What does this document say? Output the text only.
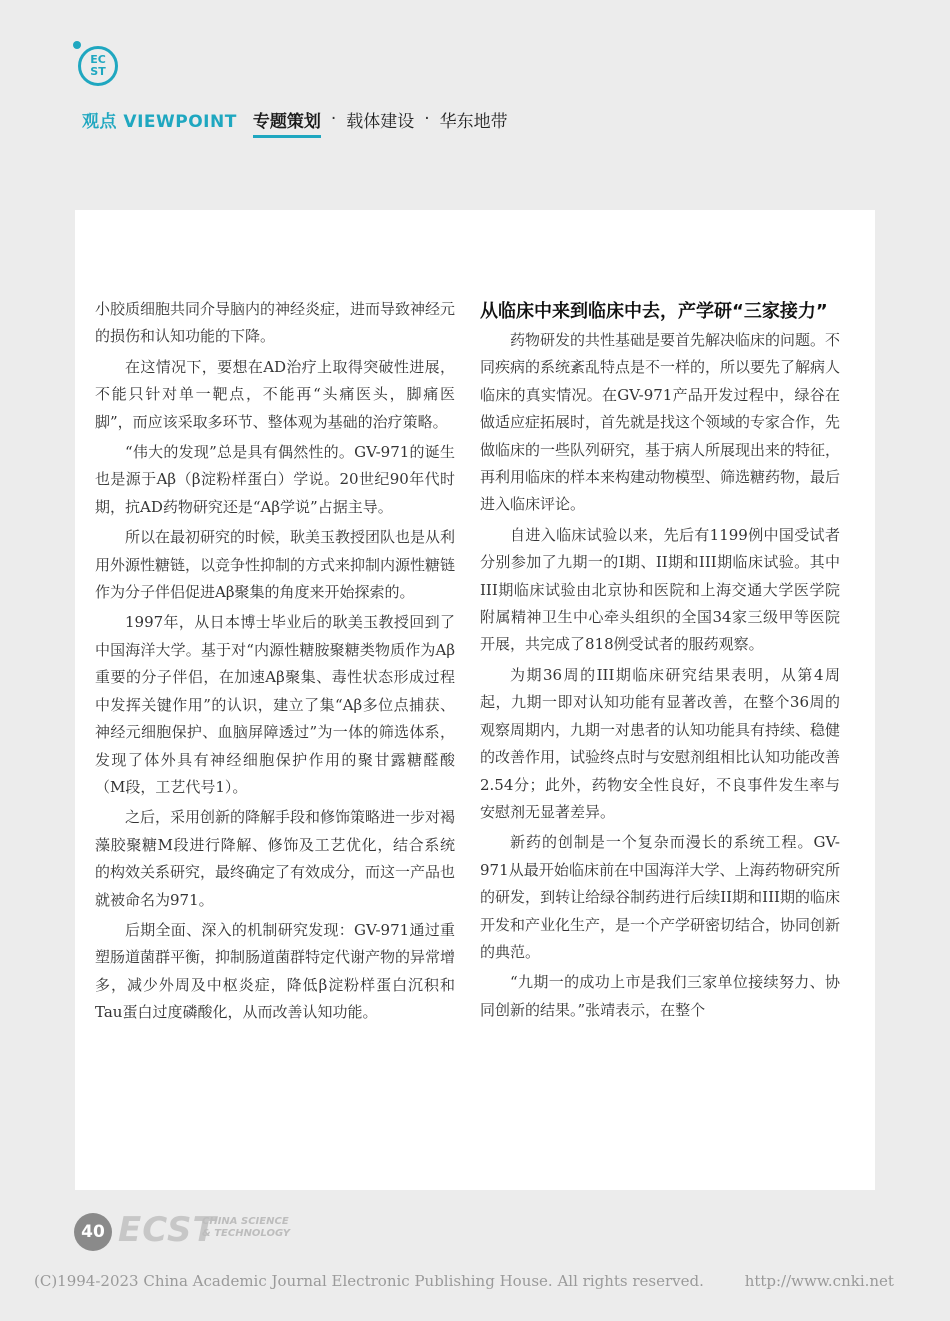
EC
ST
观点 VIEWPOINT 专题策划 · 载体建设 · 华东地带

小胶质细胞共同介导脑内的神经炎症，进而导致神经元的损伤和认知功能的下降。

在这情况下，要想在AD治疗上取得突破性进展，不能只针对单一靶点，不能再“头痛医头，脚痛医脚”，而应该采取多环节、整体观为基础的治疗策略。

“伟大的发现”总是具有偶然性的。GV-971的诞生也是源于Aβ（β淀粉样蛋白）学说。20世纪90年代时期，抗AD药物研究还是“Aβ学说”占据主导。

所以在最初研究的时候，耿美玉教授团队也是从利用外源性糖链，以竞争性抑制的方式来抑制内源性糖链作为分子伴侣促进Aβ聚集的角度来开始探索的。

1997年，从日本博士毕业后的耿美玉教授回到了中国海洋大学。基于对“内源性糖胺聚糖类物质作为Aβ重要的分子伴侣，在加速Aβ聚集、毒性状态形成过程中发挥关键作用”的认识，建立了集“Aβ多位点捕获、神经元细胞保护、血脑屏障透过”为一体的筛选体系，发现了体外具有神经细胞保护作用的聚甘露糖醛酸（M段，工艺代号1）。

之后，采用创新的降解手段和修饰策略进一步对褐藻胶聚糖M段进行降解、修饰及工艺优化，结合系统的构效关系研究，最终确定了有效成分，而这一产品也就被命名为971。

后期全面、深入的机制研究发现：GV-971通过重塑肠道菌群平衡，抑制肠道菌群特定代谢产物的异常增多，减少外周及中枢炎症，降低β淀粉样蛋白沉积和Tau蛋白过度磷酸化，从而改善认知功能。

从临床中来到临床中去，产学研“三家接力”

药物研发的共性基础是要首先解决临床的问题。不同疾病的系统紊乱特点是不一样的，所以要先了解病人临床的真实情况。在GV-971产品开发过程中，绿谷在做适应症拓展时，首先就是找这个领域的专家合作，先做临床的一些队列研究，基于病人所展现出来的特征，再利用临床的样本来构建动物模型、筛选糖药物，最后进入临床评论。

自进入临床试验以来，先后有1199例中国受试者分别参加了九期一的I期、II期和III期临床试验。其中III期临床试验由北京协和医院和上海交通大学医学院附属精神卫生中心牵头组织的全国34家三级甲等医院开展，共完成了818例受试者的服药观察。

为期36周的III期临床研究结果表明，从第4周起，九期一即对认知功能有显著改善，在整个36周的观察周期内，九期一对患者的认知功能具有持续、稳健的改善作用，试验终点时与安慰剂组相比认知功能改善2.54分；此外，药物安全性良好，不良事件发生率与安慰剂无显著差异。

新药的创制是一个复杂而漫长的系统工程。GV-971从最开始临床前在中国海洋大学、上海药物研究所的研发，到转让给绿谷制药进行后续II期和III期的临床开发和产业化生产，是一个产学研密切结合，协同创新的典范。

“九期一的成功上市是我们三家单位接续努力、协同创新的结果。”张靖表示，在整个

40 ECST
CHINA SCIENCE
& TECHNOLOGY
(C)1994-2023 China Academic Journal Electronic Publishing House. All rights reserved.	http://www.cnki.net
